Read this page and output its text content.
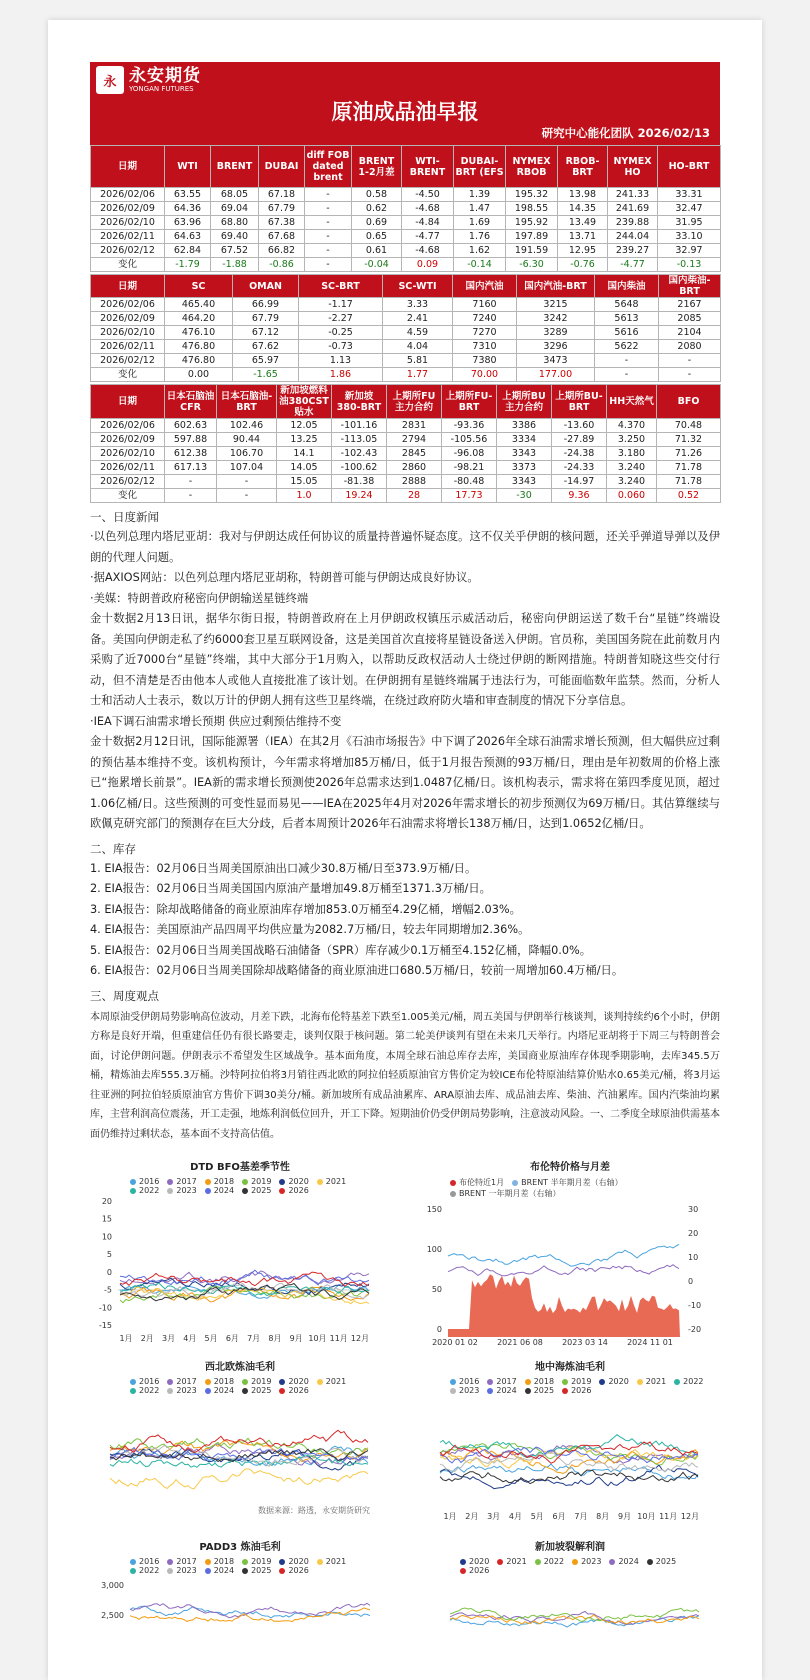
永 永安期货
YONGAN FUTURES
原油成品油早报
研究中心能化团队 2026/02/13
日期	WTI	BRENT	DUBAI	diff FOB dated brent	BRENT 1-2月差	WTI-BRENT	DUBAI-BRT (EFS	NYMEX RBOB	RBOB-BRT	NYMEX HO	HO-BRT
2026/02/06	63.55	68.05	67.18	-	0.58	-4.50	1.39	195.32	13.98	241.33	33.31
2026/02/09	64.36	69.04	67.79	-	0.62	-4.68	1.47	198.55	14.35	241.69	32.47
2026/02/10	63.96	68.80	67.38	-	0.69	-4.84	1.69	195.92	13.49	239.88	31.95
2026/02/11	64.63	69.40	67.68	-	0.65	-4.77	1.76	197.89	13.71	244.04	33.10
2026/02/12	62.84	67.52	66.82	-	0.61	-4.68	1.62	191.59	12.95	239.27	32.97
变化	-1.79	-1.88	-0.86	-	-0.04	0.09	-0.14	-6.30	-0.76	-4.77	-0.13
日期	SC	OMAN	SC-BRT	SC-WTI	国内汽油	国内汽油-BRT	国内柴油	国内柴油-BRT
2026/02/06	465.40	66.99	-1.17	3.33	7160	3215	5648	2167
2026/02/09	464.20	67.79	-2.27	2.41	7240	3242	5613	2085
2026/02/10	476.10	67.12	-0.25	4.59	7270	3289	5616	2104
2026/02/11	476.80	67.62	-0.73	4.04	7310	3296	5622	2080
2026/02/12	476.80	65.97	1.13	5.81	7380	3473	-	-
变化	0.00	-1.65	1.86	1.77	70.00	177.00	-	-
日期	日本石脑油CFR	日本石脑油-BRT	新加坡燃料油380CST贴水	新加坡380-BRT	上期所FU主力合约	上期所FU-BRT	上期所BU主力合约	上期所BU-BRT	HH天然气	BFO
2026/02/06	602.63	102.46	12.05	-101.16	2831	-93.36	3386	-13.60	4.370	70.48
2026/02/09	597.88	90.44	13.25	-113.05	2794	-105.56	3334	-27.89	3.250	71.32
2026/02/10	612.38	106.70	14.1	-102.43	2845	-96.08	3343	-24.38	3.180	71.26
2026/02/11	617.13	107.04	14.05	-100.62	2860	-98.21	3373	-24.33	3.240	71.78
2026/02/12	-	-	15.05	-81.38	2888	-80.48	3343	-14.97	3.240	71.78
变化	-	-	1.0	19.24	28	17.73	-30	9.36	0.060	0.52
一、日度新闻
·以色列总理内塔尼亚胡：我对与伊朗达成任何协议的质量持普遍怀疑态度。这不仅关乎伊朗的核问题，还关乎弹道导弹以及伊朗的代理人问题。
·据AXIOS网站：以色列总理内塔尼亚胡称，特朗普可能与伊朗达成良好协议。
·美媒：特朗普政府秘密向伊朗输送星链终端
金十数据2月13日讯，据华尔街日报，特朗普政府在上月伊朗政权镇压示威活动后，秘密向伊朗运送了数千台“星链”终端设备。美国向伊朗走私了约6000套卫星互联网设备，这是美国首次直接将星链设备送入伊朗。官员称，美国国务院在此前数月内采购了近7000台“星链”终端，其中大部分于1月购入，以帮助反政权活动人士绕过伊朗的断网措施。特朗普知晓这些交付行动，但不清楚是否由他本人或他人直接批准了该计划。在伊朗拥有星链终端属于违法行为，可能面临数年监禁。然而，分析人士和活动人士表示，数以万计的伊朗人拥有这些卫星终端，在绕过政府防火墙和审查制度的情况下分享信息。
·IEA下调石油需求增长预期 供应过剩预估维持不变
金十数据2月12日讯，国际能源署（IEA）在其2月《石油市场报告》中下调了2026年全球石油需求增长预测，但大幅供应过剩的预估基本维持不变。该机构预计，今年需求将增加85万桶/日，低于1月报告预测的93万桶/日，理由是年初数周的价格上涨已“拖累增长前景”。IEA新的需求增长预测使2026年总需求达到1.0487亿桶/日。该机构表示，需求将在第四季度见顶，超过1.06亿桶/日。这些预测的可变性显而易见——IEA在2025年4月对2026年需求增长的初步预测仅为69万桶/日。其估算继续与欧佩克研究部门的预测存在巨大分歧，后者本周预计2026年石油需求将增长138万桶/日，达到1.0652亿桶/日。
二、库存
1. EIA报告：02月06日当周美国原油出口减少30.8万桶/日至373.9万桶/日。
2. EIA报告：02月06日当周美国国内原油产量增加49.8万桶至1371.3万桶/日。
3. EIA报告：除却战略储备的商业原油库存增加853.0万桶至4.29亿桶，增幅2.03%。
4. EIA报告：美国原油产品四周平均供应量为2082.7万桶/日，较去年同期增加2.36%。
5. EIA报告：02月06日当周美国战略石油储备（SPR）库存减少0.1万桶至4.152亿桶，降幅0.0%。
6. EIA报告：02月06日当周美国除却战略储备的商业原油进口680.5万桶/日，较前一周增加60.4万桶/日。
三、周度观点
本周原油受伊朗局势影响高位波动，月差下跌，北海布伦特基差下跌至1.005美元/桶，周五美国与伊朗举行核谈判，谈判持续约6个小时，伊朗方称是良好开端，但重建信任仍有很长路要走，谈判仅限于核问题。第二轮美伊谈判有望在未来几天举行。内塔尼亚胡将于下周三与特朗普会面，讨论伊朗问题。伊朗表示不希望发生区域战争。基本面角度，本周全球石油总库存去库，美国商业原油库存体现季期影响，去库345.5万桶，精炼油去库555.3万桶。沙特阿拉伯将3月销往西北欧的阿拉伯轻质原油官方售价定为较ICE布伦特原油结算价贴水0.65美元/桶，将3月运往亚洲的阿拉伯轻质原油官方售价下调30美分/桶。新加坡所有成品油累库、ARA原油去库、成品油去库、柴油、汽油累库。国内汽柴油均累库，主营利润高位震荡，开工走强，地炼利润低位回升，开工下降。短期油价仍受伊朗局势影响，注意波动风险。一、二季度全球原油供需基本面仍维持过剩状态，基本面不支持高估值。
DTD BFO基差季节性
2016 2017 2018 2019 2020 20212022 2023 2024 2025 2026
20
15
10
5
0
-5
-10
-15
1月 2月 3月 4月 5月 6月 7月 8月 9月 10月 11月 12月
布伦特价格与月差
布伦特近1月 BRENT 半年期月差（右轴）BRENT 一年期月差（右轴）
150
100
50
0
30
20
10
0
-10
-20
2020 01 02 2021 06 08 2023 03 14 2024 11 01
西北欧炼油毛利
2016 2017 2018 2019 2020 20212022 2023 2024 2025 2026
数据来源：路透，永安期货研究
地中海炼油毛利
2016 2017 2018 2019 2020 2021 20222023 2024 2025 2026
1月 2月 3月 4月 5月 6月 7月 8月 9月 10月 11月 12月
PADD3 炼油毛利
2016 2017 2018 2019 2020 20212022 2023 2024 2025 2026
3,000
2,500
新加坡裂解利润
2020 2021 2022 2023 2024 20252026
